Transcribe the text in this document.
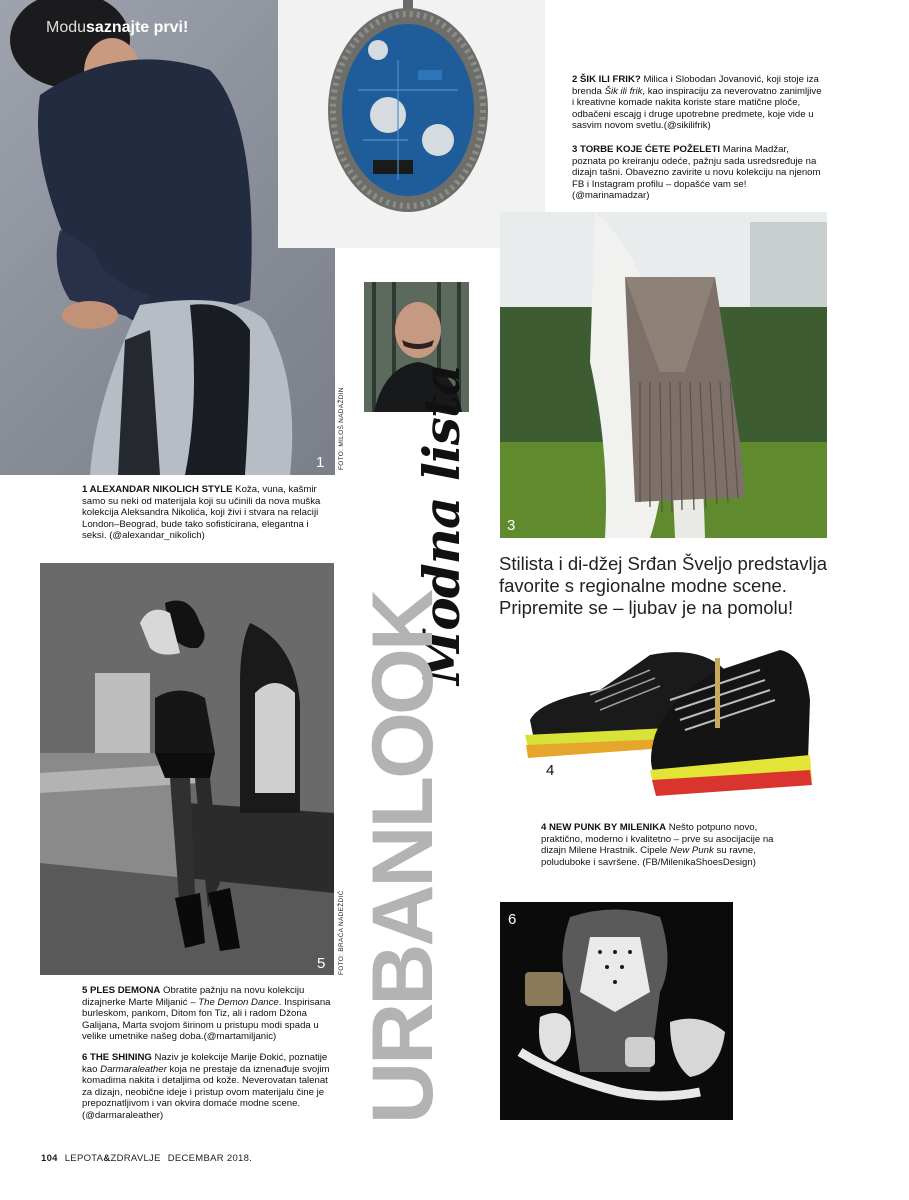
Modusaznajte prvi!
1 FOTO: MILOŠ NADAŽDIN
2 ŠIK ILI FRIK? Milica i Slobodan Jovanović, koji stoje iza brenda Šik ili frik, kao inspiraciju za neverovatno zanimljive i kreativne komade nakita koriste stare matične ploče, odbačeni escajg i druge upotrebne predmete, koje vide u sasvim novom svetlu.(@sikilifrik)
3 TORBE KOJE ĆETE POŽELETI Marina Madžar, poznata po kreiranju odeće, pažnju sada usredsređuje na dizajn tašni. Obavezno zavirite u novu kolekciju na njenom FB i Instagram profilu – dopašće vam se! (@marinamadzar)
3
1 ALEXANDAR NIKOLICH STYLE Koža, vuna, kašmir samo su neki od materijala koji su učinili da nova muška kolekcija Aleksandra Nikolića, koji živi i stvara na relaciji London–Beograd, bude tako sofisticirana, elegantna i seksi. (@alexandar_nikolich)	Modna lista Stilista i di-džej Srđan Šveljo predstavlja favorite s regionalne modne scene. Pripremite se – ljubav je na pomolu!
5 FOTO: BRAĆA NADEŽDIĆ URBANLOOK	4
4 NEW PUNK BY MILENIKA Nešto potpuno novo, praktično, moderno i kvalitetno – prve su asocijacije na dizajn Milene Hrastnik. Cipele New Punk su ravne, poluduboke i savršene. (FB/MilenikaShoesDesign)
6
5 PLES DEMONA Obratite pažnju na novu kolekciju dizajnerke Marte Miljanić – The Demon Dance. Inspirisana burleskom, pankom, Ditom fon Tiz, ali i radom Džona Galijana, Marta svojom širinom u pristupu modi spada u velike umetnike našeg doba.(@martamiljanic)
6 THE SHINING Naziv je kolekcije Marije Đokić, poznatije kao Darmaraleather koja ne prestaje da iznenađuje svojim komadima nakita i detaljima od kože. Neverovatan talenat za dizajn, neobične ideje i pristup ovom materijalu čine je prepoznatljivom i van okvira domaće modne scene. (@darmaraleather)
104 LEPOTA&ZDRAVLJE DECEMBAR 2018.
